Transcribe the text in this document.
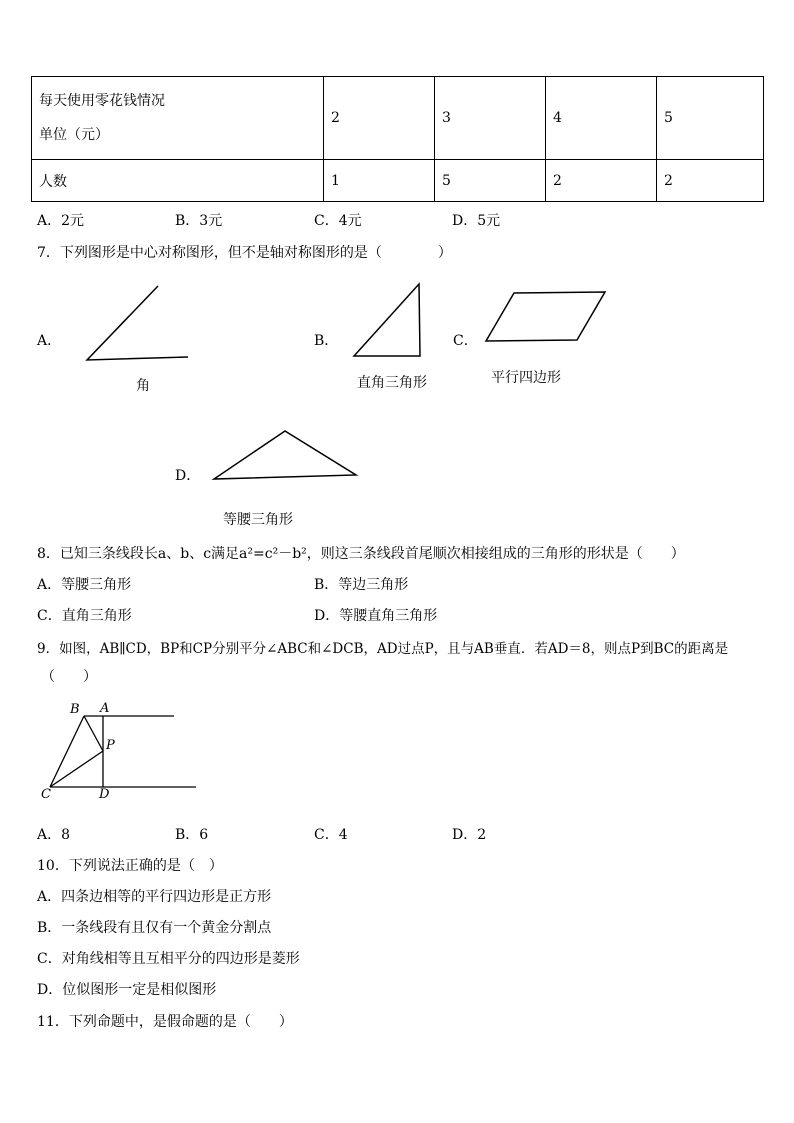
每天使用零花钱情况
单位（元）	2	3	4	5
人数	1	5	2	2
A．2元	B．3元	C．4元	D．5元
7．下列图形是中心对称图形，但不是轴对称图形的是（　　　　）
A．
角
B．
直角三角形
C．
平行四边形
D．
等腰三角形
8．已知三条线段长a、b、c满足a²=c²－b²，则这三条线段首尾顺次相接组成的三角形的形状是（　　）
A．等腰三角形	B．等边三角形
C．直角三角形	D．等腰直角三角形
9．如图，AB∥CD，BP和CP分别平分∠ABC和∠DCB，AD过点P，且与AB垂直．若AD＝8，则点P到BC的距离是
（　　）
B A
P
C	D
A．8	B．6	C．4	D．2
10．下列说法正确的是（　）
A．四条边相等的平行四边形是正方形
B．一条线段有且仅有一个黄金分割点
C．对角线相等且互相平分的四边形是菱形
D．位似图形一定是相似图形
11．下列命题中，是假命题的是（　　）
